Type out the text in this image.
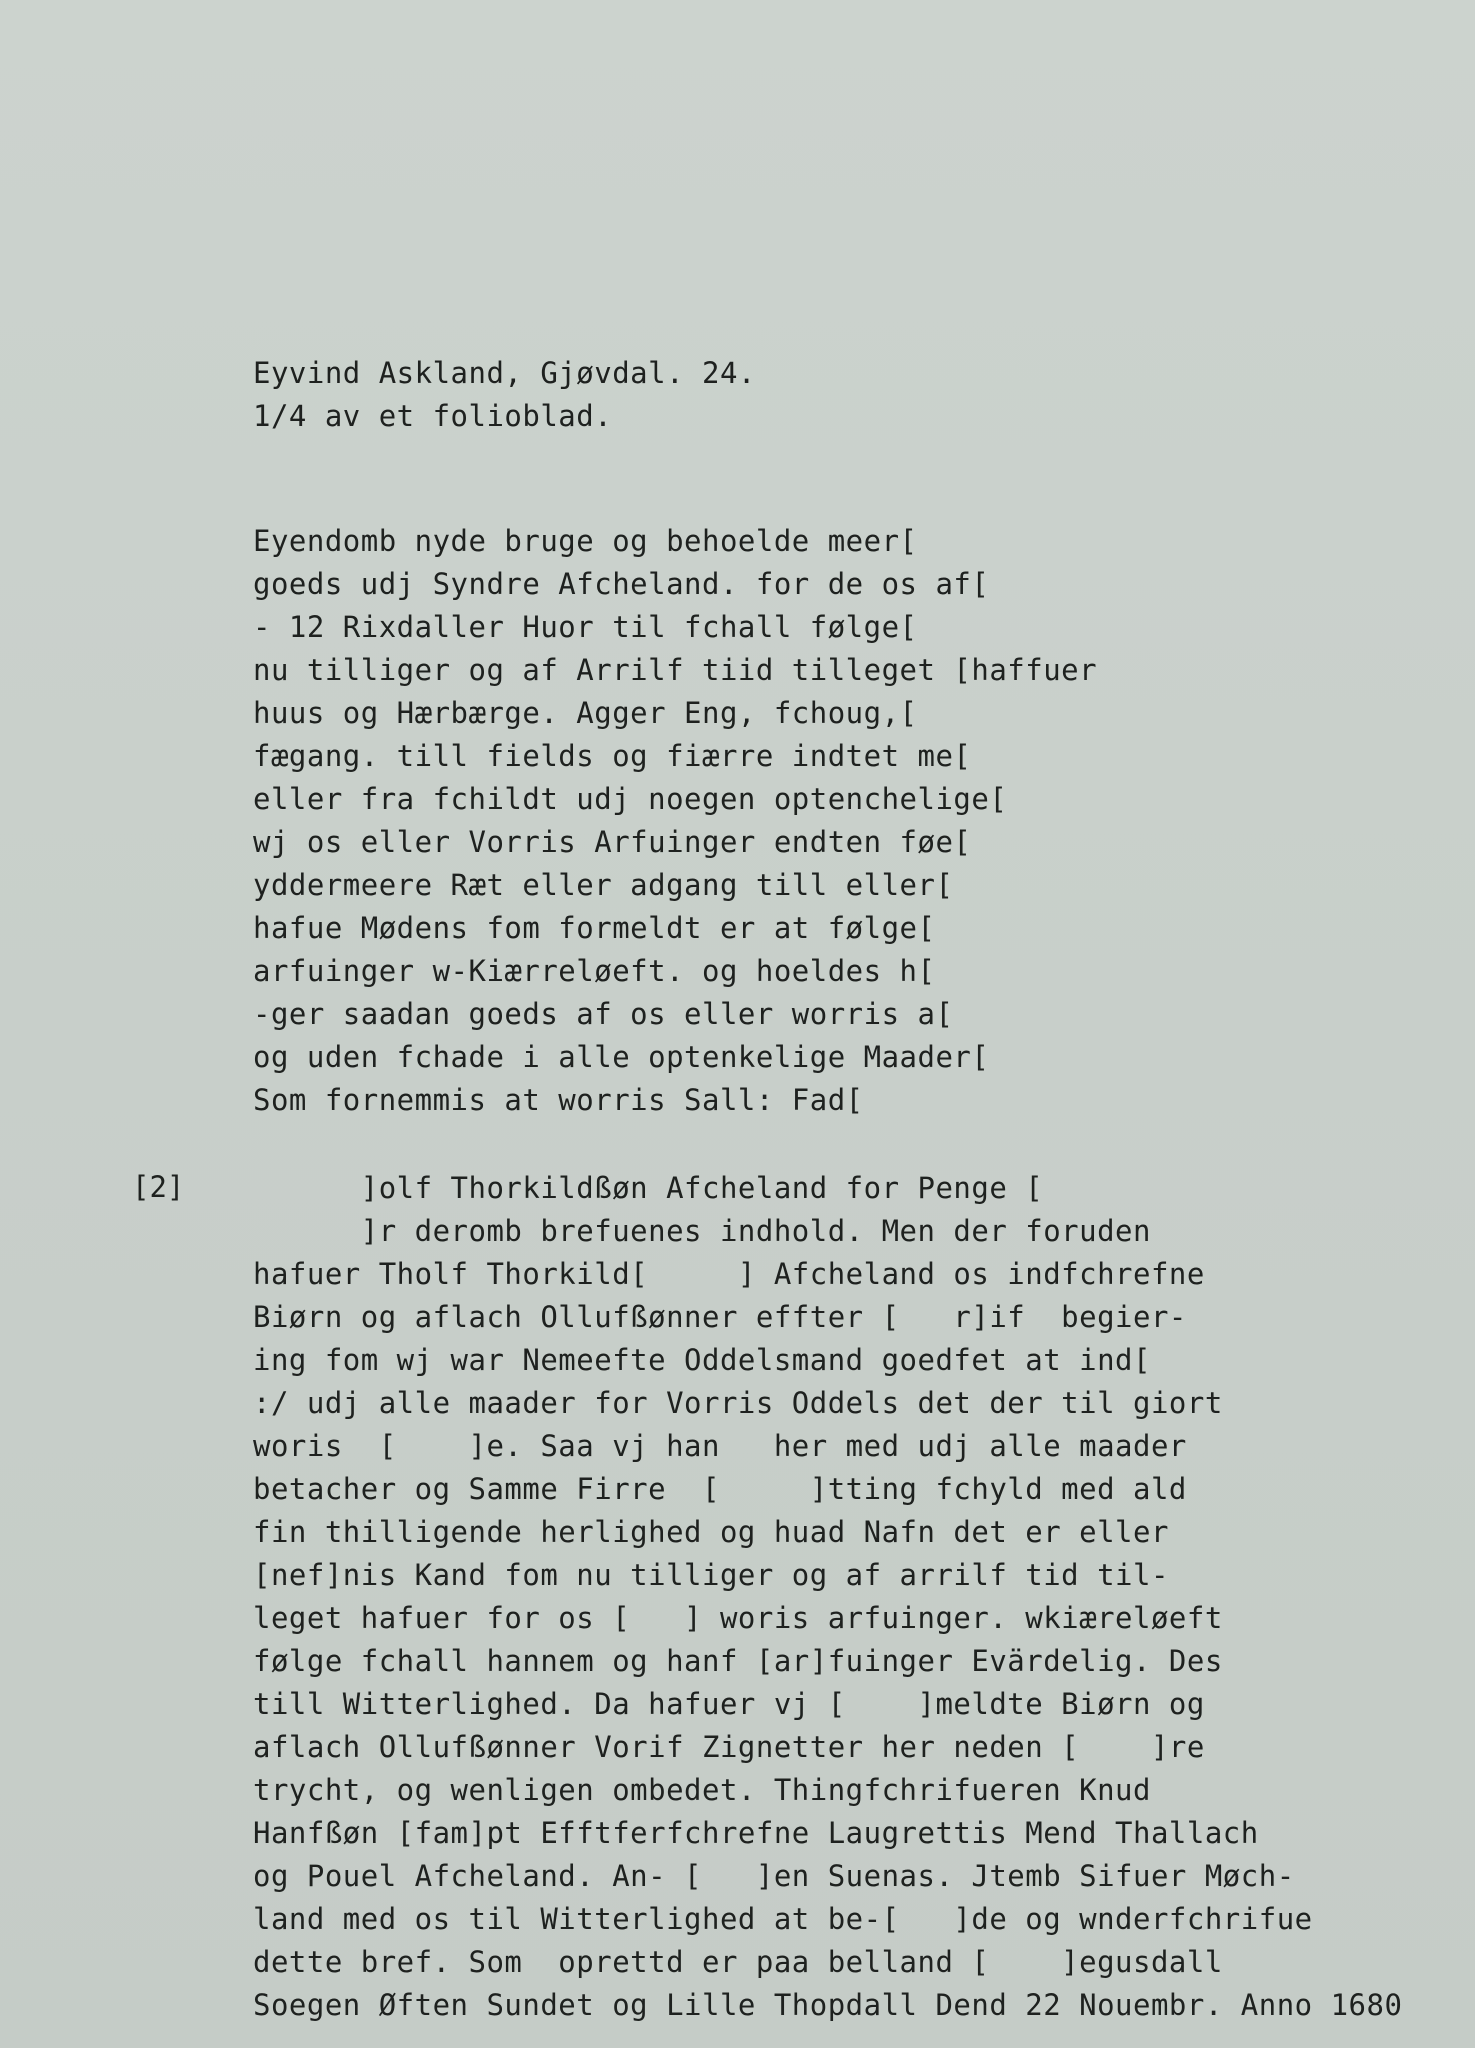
Eyvind Askland, Gjøvdal. 24.
1/4 av et folioblad.
Eyendomb nyde bruge og behoelde meer[
goeds udj Syndre Afcheland. for de os af[
- 12 Rixdaller Huor til fchall følge[
nu tilliger og af Arrilf tiid tilleget [haffuer
huus og Hærbærge. Agger Eng, fchoug,[
fægang. till fields og fiærre indtet me[
eller fra fchildt udj noegen optencheligе[
wj os eller Vorris Arfuinger endten føe[
yddermeere Ræt eller adgang till eller[
hafue Mødens fom formeldt er at følge[
arfuinger w-Kiærreløeft. og hoeldes h[
-ger saadan goeds af os eller worris a[
og uden fchade i alle optenkelige Maader[
Som fornemmis at worris Sall: Fad[
[2] ]olf Thorkildßøn Afcheland for Penge [
]r deromb brefuenes indhold. Men der foruden
hafuer Tholf Thorkild[     ] Afcheland os indfchrefne
Biørn og aflach Ollufßønner effter [   r]if  begier-
ing fom wj war Nemeefte Oddelsmand goedfet at ind[
:/ udj alle maader for Vorris Oddels det der til giort
woris  [    ]e. Saa vj han   her med udj alle maader
betacher og Samme Firre  [     ]tting fchyld med ald
fin thilligende herlighed og huad Nafn det er eller
[nef]nis Kand fom nu tilliger og af arrilf tid til-
leget hafuer for os [   ] woris arfuinger. wkiæreløeft
følge fchall hannem og hanf [ar]fuinger Evärdelig. Des
till Witterlighed. Da hafuer vj [    ]meldte Biørn og
aflach Ollufßønner Vorif Zignetter her neden [    ]re
trycht, og wenligen ombedet. Thingfchrifueren Knud
Hanfßøn [fam]pt Efftferfchrefne Laugrettis Mend Thallach
og Pouel Afcheland. An- [   ]en Suenas. Jtemb Sifuer Møch-
land med os til Witterlighed at be-[   ]de og wnderfchrifue
dette bref. Som  oprettd er paa belland [    ]egusdall
Soegen Øften Sundet og Lille Thopdall Dend 22 Nouembr. Anno 1680
